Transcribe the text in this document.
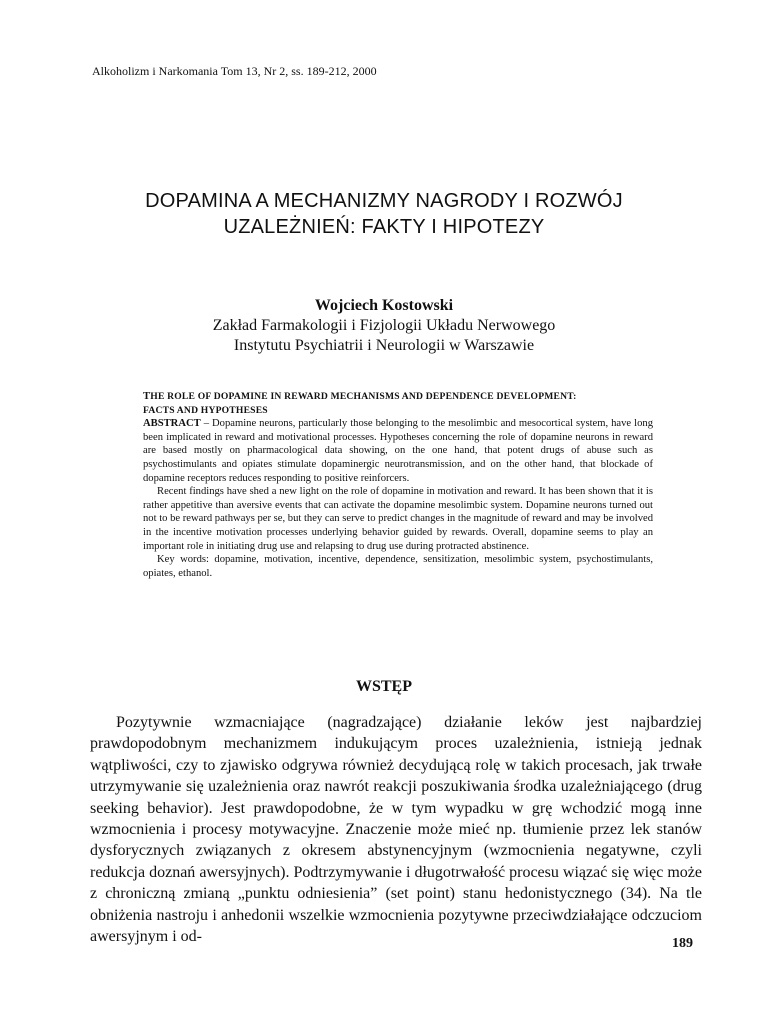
Alkoholizm i Narkomania Tom 13, Nr 2, ss. 189-212, 2000
DOPAMINA A MECHANIZMY NAGRODY I ROZWÓJ
UZALEŻNIEŃ: FAKTY I HIPOTEZY
Wojciech Kostowski
Zakład Farmakologii i Fizjologii Układu Nerwowego
Instytutu Psychiatrii i Neurologii w Warszawie

THE ROLE OF DOPAMINE IN REWARD MECHANISMS AND DEPENDENCE DEVELOPMENT:
FACTS AND HYPOTHESES

ABSTRACT – Dopamine neurons, particularly those belonging to the mesolimbic and mesocortical system, have long been implicated in reward and motivational processes. Hypotheses concerning the role of dopamine neurons in reward are based mostly on pharmacological data showing, on the one hand, that potent drugs of abuse such as psychostimulants and opiates stimulate dopaminergic neurotransmission, and on the other hand, that blockade of dopamine receptors reduces responding to positive reinforcers.

Recent findings have shed a new light on the role of dopamine in motivation and reward. It has been shown that it is rather appetitive than aversive events that can activate the dopamine mesolimbic system. Dopamine neurons turned out not to be reward pathways per se, but they can serve to predict changes in the magnitude of reward and may be involved in the incentive motivation processes underlying behavior guided by rewards. Overall, dopamine seems to play an important role in initiating drug use and relapsing to drug use during protracted abstinence.

Key words: dopamine, motivation, incentive, dependence, sensitization, mesolimbic system, psychostimulants, opiates, ethanol.

WSTĘP

Pozytywnie wzmacniające (nagradzające) działanie leków jest najbardziej prawdopodobnym mechanizmem indukującym proces uzależnienia, istnieją jednak wątpliwości, czy to zjawisko odgrywa również decydującą rolę w takich procesach, jak trwałe utrzymywanie się uzależnienia oraz nawrót reakcji poszukiwania środka uzależniającego (drug seeking behavior). Jest prawdopodobne, że w tym wypadku w grę wchodzić mogą inne wzmocnienia i procesy motywacyjne. Znaczenie może mieć np. tłumienie przez lek stanów dysforycznych związanych z okresem abstynencyjnym (wzmocnienia negatywne, czyli redukcja doznań awersyjnych). Podtrzymywanie i długotrwałość procesu wiązać się więc może z chroniczną zmianą „punktu odniesienia” (set point) stanu hedonistycznego (34). Na tle obniżenia nastroju i anhedonii wszelkie wzmocnienia pozytywne przeciwdziałające odczuciom awersyjnym i od-	189
